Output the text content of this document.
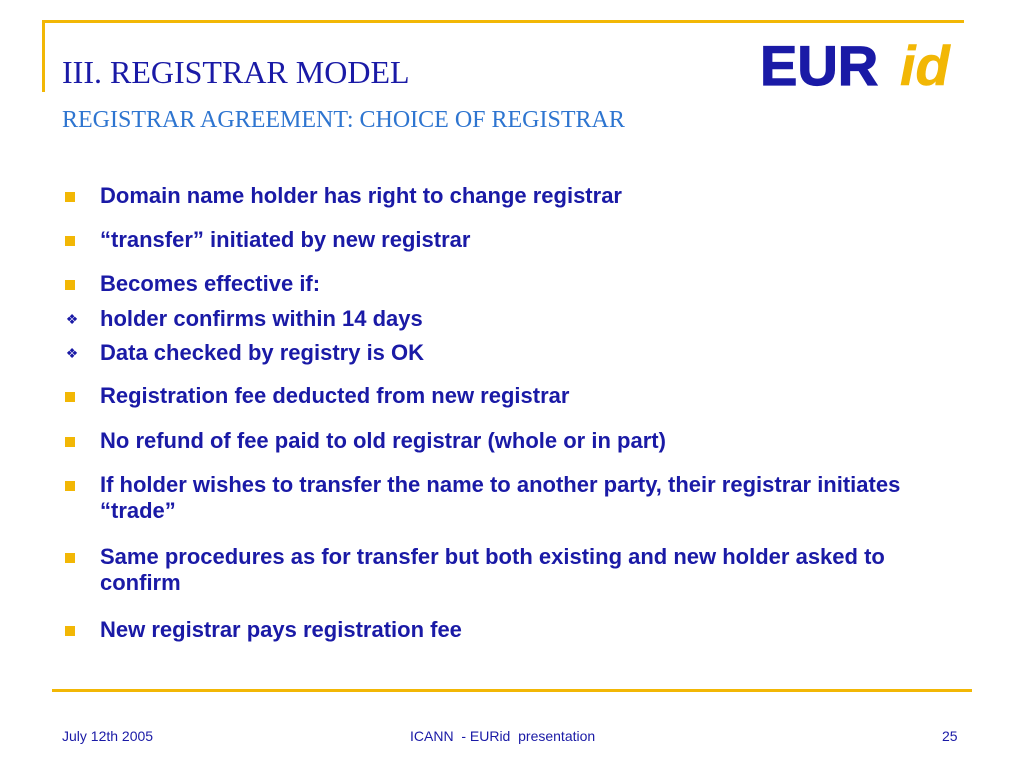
III. REGISTRAR MODEL
REGISTRAR AGREEMENT: CHOICE OF REGISTRAR
EUR id
Domain name holder has right to change registrar
“transfer” initiated by new registrar
Becomes effective if:
❖ holder confirms within 14 days
❖ Data checked by registry is OK
Registration fee deducted from new registrar
No refund of fee paid to old registrar (whole or in part)
If holder wishes to transfer the name to another party, their registrar initiates “trade”
Same procedures as for transfer but both existing and new holder asked to confirm
New registrar pays registration fee
July 12th 2005	ICANN  - EURid  presentation	25
